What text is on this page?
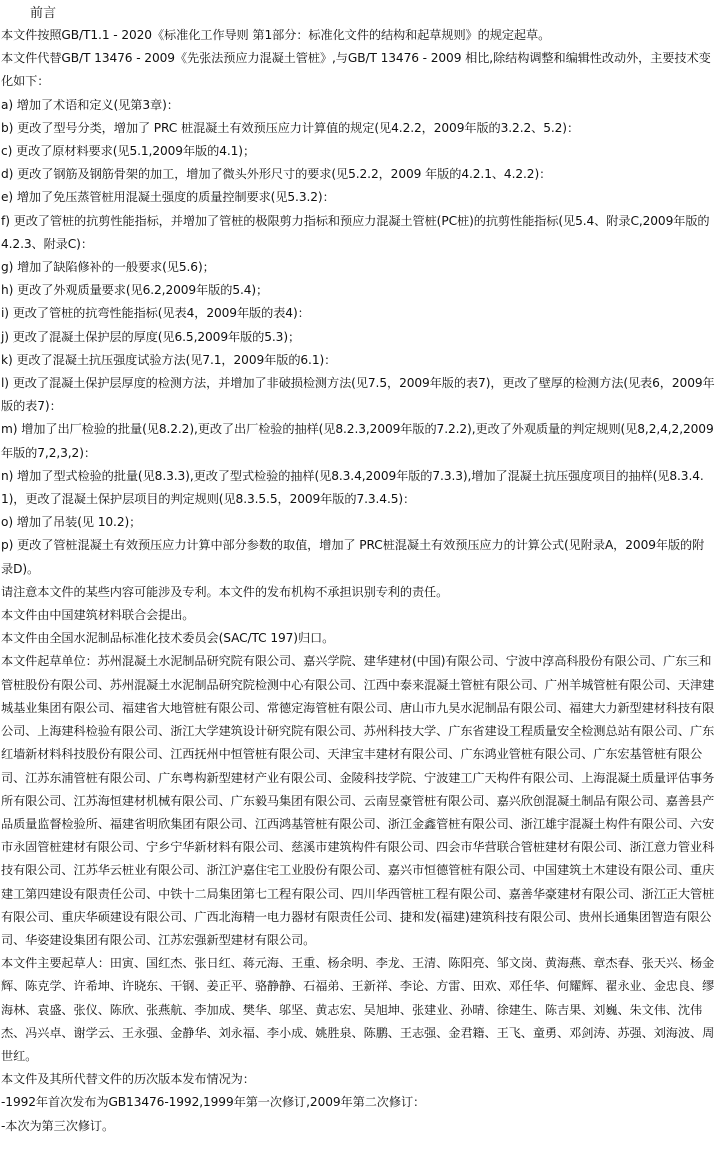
前言

本文件按照GB/T1.1 - 2020《标准化工作导则 第1部分：标准化文件的结构和起草规则》的规定起草。

本文件代替GB/T 13476 - 2009《先张法预应力混凝土管桩》,与GB/T 13476 - 2009 相比,除结构调整和编辑性改动外，主要技术变化如下：

a) 增加了术语和定义(见第3章)：
b) 更改了型号分类，增加了 PRC 桩混凝土有效预压应力计算值的规定(见4.2.2，2009年版的3.2.2、5.2)：
c) 更改了原材料要求(见5.1,2009年版的4.1)；
d) 更改了钢筋及钢筋骨架的加工，增加了微头外形尺寸的要求(见5.2.2，2009 年版的4.2.1、4.2.2)：
e) 增加了免压蒸管桩用混凝土强度的质量控制要求(见5.3.2)：
f) 更改了管桩的抗剪性能指标，并增加了管桩的极限剪力指标和预应力混凝土管桩(PC桩)的抗剪性能指标(见5.4、附录C,2009年版的4.2.3、附录C)：
g) 增加了缺陷修补的一般要求(见5.6)；
h) 更改了外观质量要求(见6.2,2009年版的5.4)；
i) 更改了管桩的抗弯性能指标(见表4，2009年版的表4)：
j) 更改了混凝土保护层的厚度(见6.5,2009年版的5.3)；
k) 更改了混凝土抗压强度试验方法(见7.1，2009年版的6.1)：
l) 更改了混凝土保护层厚度的检测方法，并增加了非破损检测方法(见7.5，2009年版的表7)，更改了壁厚的检测方法(见表6，2009年版的表7)：
m) 增加了出厂检验的批量(见8.2.2),更改了出厂检验的抽样(见8.2.3,2009年版的7.2.2),更改了外观质量的判定规则(见8,2,4,2,2009年版的7,2,3,2)：
n) 增加了型式检验的批量(见8.3.3),更改了型式检验的抽样(见8.3.4,2009年版的7.3.3),增加了混凝土抗压强度项目的抽样(见8.3.4.1)，更改了混凝土保护层项目的判定规则(见8.3.5.5，2009年版的7.3.4.5)：
o) 增加了吊装(见 10.2)；
p) 更改了管桩混凝土有效预压应力计算中部分参数的取值，增加了 PRC桩混凝土有效预压应力的计算公式(见附录A，2009年版的附录D)。

请注意本文件的某些内容可能涉及专利。本文件的发布机构不承担识别专利的责任。

本文件由中国建筑材料联合会提出。

本文件由全国水泥制品标准化技术委员会(SAC/TC 197)归口。

本文件起草单位：苏州混凝土水泥制品研究院有限公司、嘉兴学院、建华建材(中国)有限公司、宁波中淳高科股份有限公司、广东三和管桩股份有限公司、苏州混凝土水泥制品研究院检测中心有限公司、江西中泰来混凝土管桩有限公司、广州羊城管桩有限公司、天津建城基业集团有限公司、福建省大地管桩有限公司、常德定海管桩有限公司、唐山市九昊水泥制品有限公司、福建大力新型建材科技有限公司、上海建科检验有限公司、浙江大学建筑设计研究院有限公司、苏州科技大学、广东省建设工程质量安全检测总站有限公司、广东红墙新材料科技股份有限公司、江西抚州中恒管桩有限公司、天津宝丰建材有限公司、广东鸿业管桩有限公司、广东宏基管桩有限公司、江苏东浦管桩有限公司、广东粤构新型建材产业有限公司、金陵科技学院、宁波建工广天构件有限公司、上海混凝土质量评估事务所有限公司、江苏海恒建材机械有限公司、广东毅马集团有限公司、云南昱豪管桩有限公司、嘉兴欣创混凝土制品有限公司、嘉善县产品质量监督检验所、福建省明欣集团有限公司、江西鸿基管桩有限公司、浙江金鑫管桩有限公司、浙江雄宇混凝土构件有限公司、六安市永固管桩建材有限公司、宁乡宁华新材料有限公司、慈溪市建筑构件有限公司、四会市华营联合管桩建材有限公司、浙江意力管业科技有限公司、江苏华云桩业有限公司、浙江沪嘉住宅工业股份有限公司、嘉兴市恒德管桩有限公司、中国建筑土木建设有限公司、重庆建工第四建设有限责任公司、中铁十二局集团第七工程有限公司、四川华西管桩工程有限公司、嘉善华豪建材有限公司、浙江正大管桩有限公司、重庆华硕建设有限公司、广西北海精一电力器材有限责任公司、捷和发(福建)建筑科技有限公司、贵州长通集团智造有限公司、华姿建设集团有限公司、江苏宏强新型建材有限公司。

本文件主要起草人：田寅、国红杰、张日红、蒋元海、王重、杨余明、李龙、王清、陈阳亮、邹文岗、黄海燕、章杰春、张天兴、杨金辉、陈克学、许希坤、许晓东、干钢、姜正平、骆静静、石福弟、王新祥、李论、方雷、田欢、邓任华、何耀辉、翟永业、金忠良、缪海林、袁盛、张仪、陈欣、张燕航、李加成、樊华、邬坚、黄志宏、吴旭坤、张建业、孙晴、徐建生、陈吉果、刘巍、朱文伟、沈伟杰、冯兴卓、谢学云、王永强、金静华、刘永福、李小成、姚胜泉、陈鹏、王志强、金君籍、王飞、童勇、邓剑涛、苏强、刘海波、周世红。

本文件及其所代替文件的历次版本发布情况为：

-1992年首次发布为GB13476-1992,1999年第一次修订,2009年第二次修订：

-本次为第三次修订。
